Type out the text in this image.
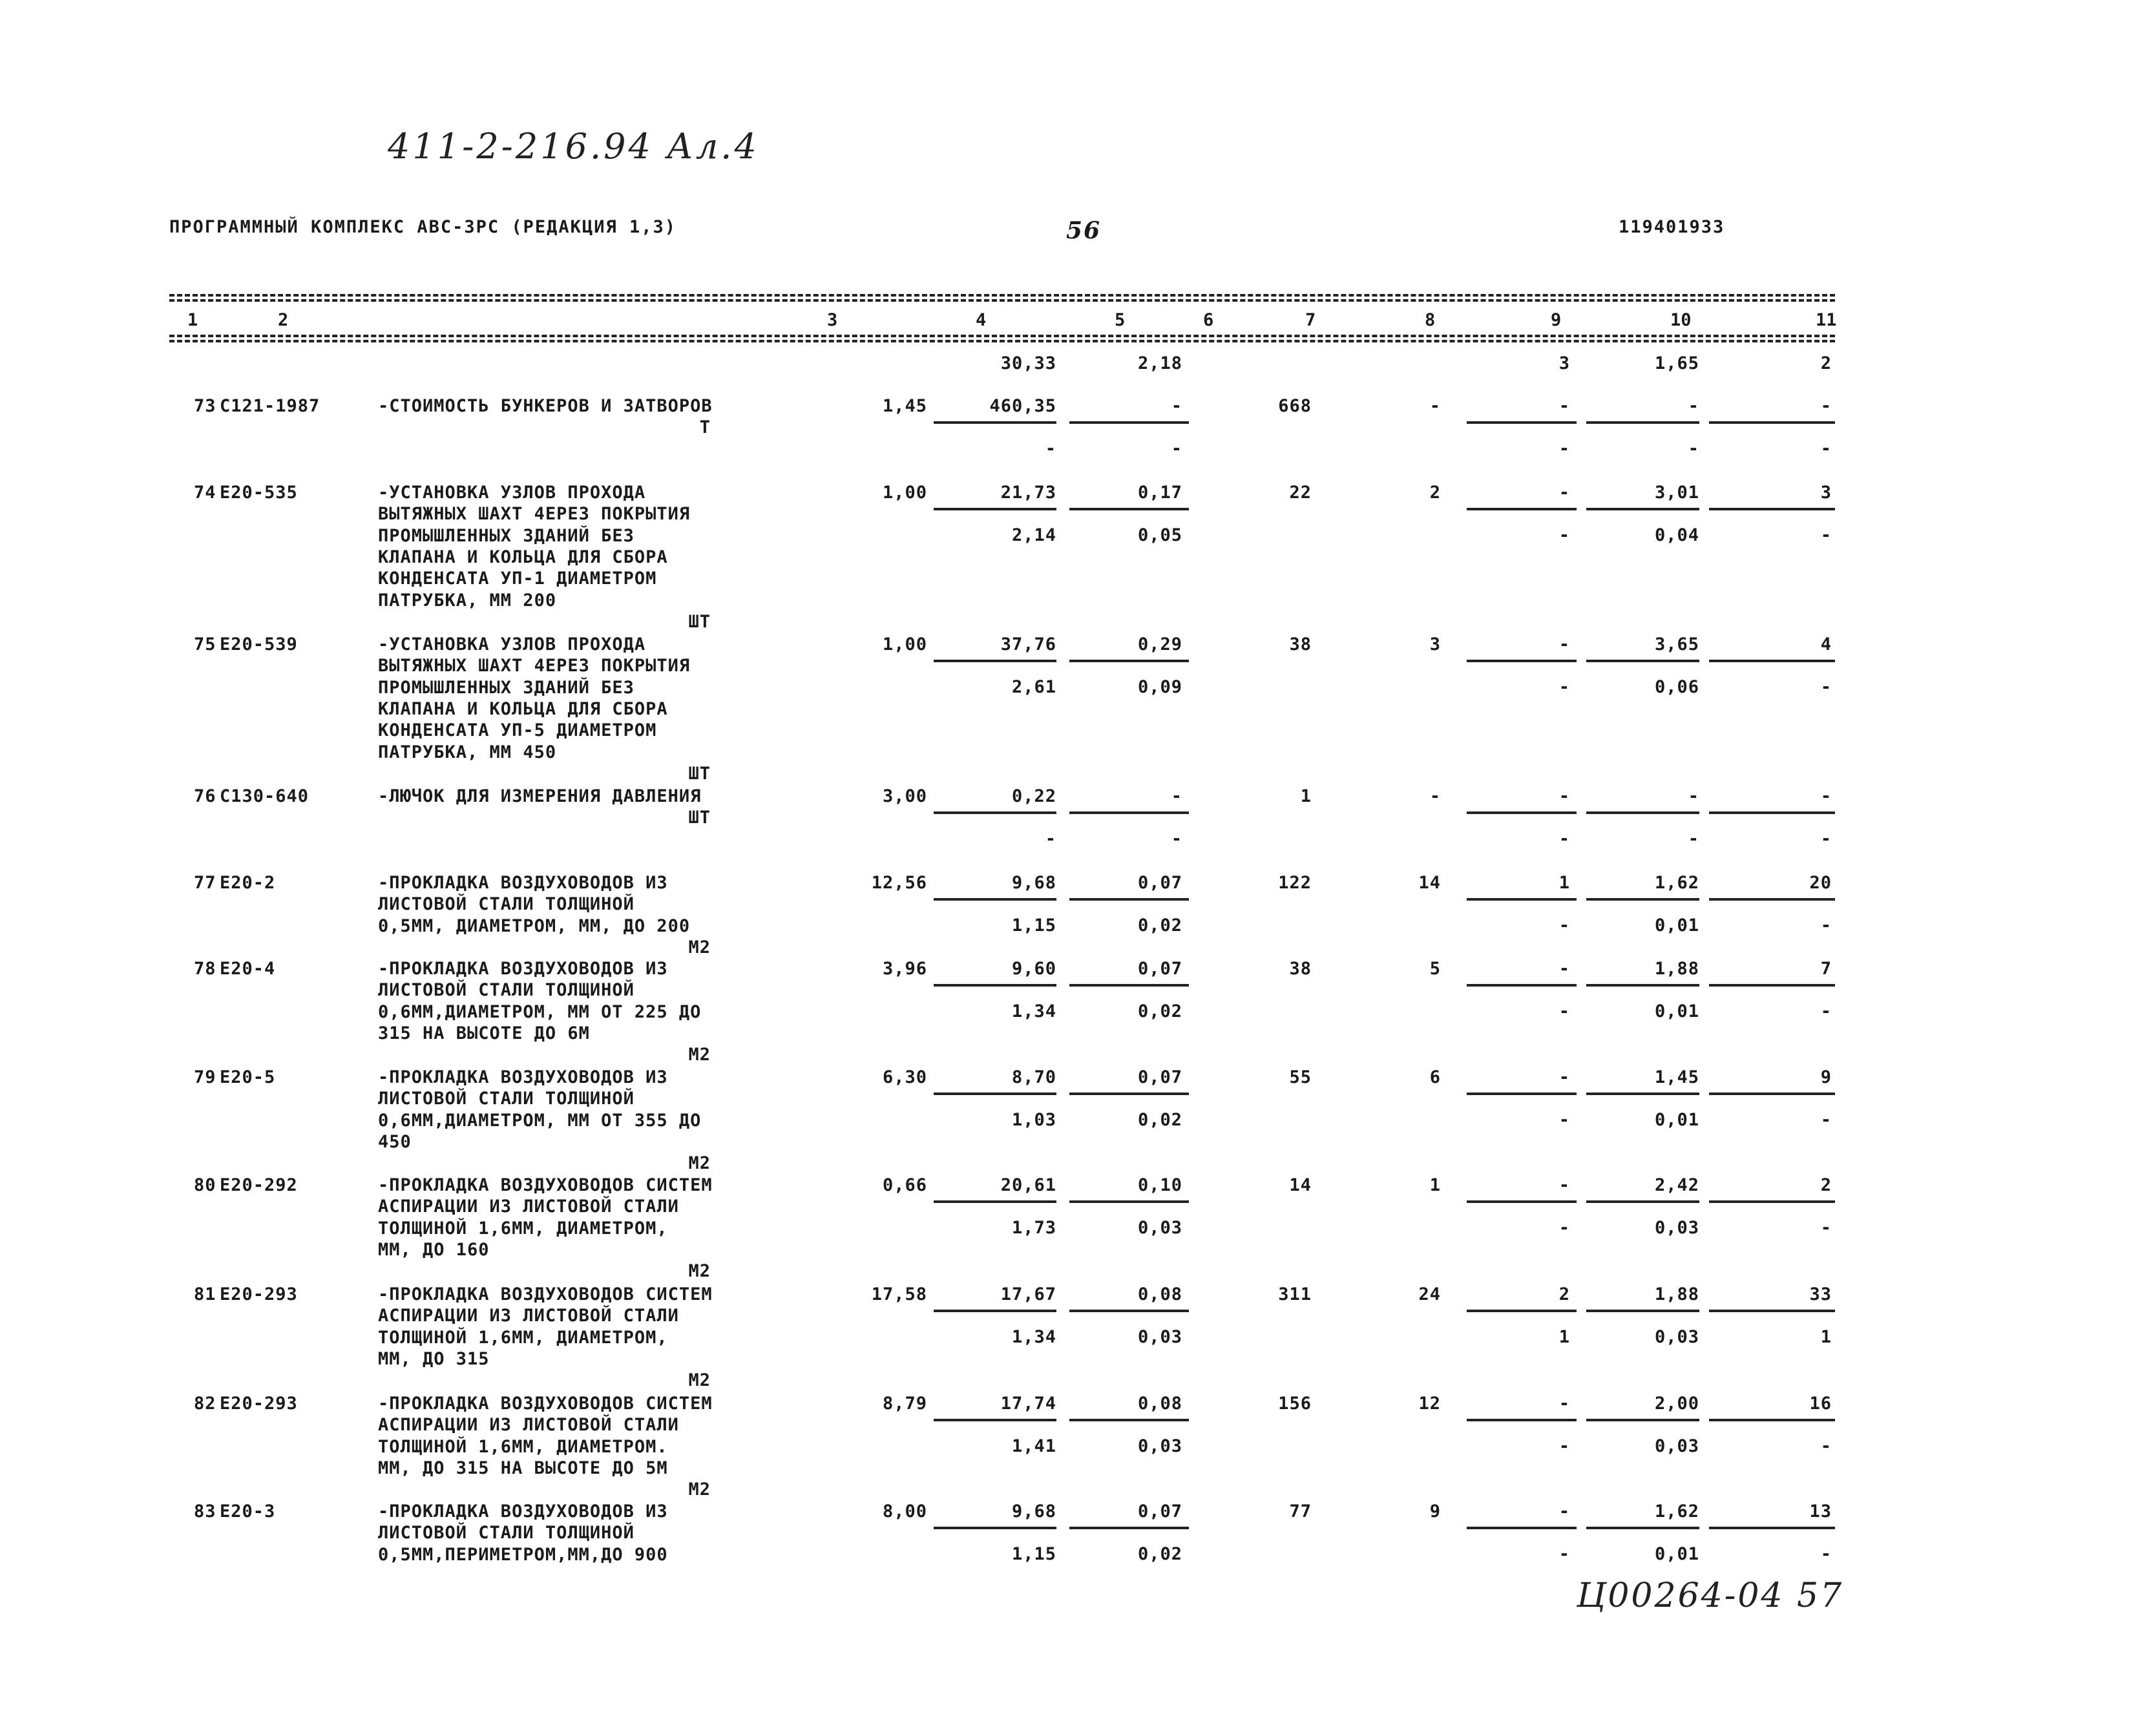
411-2-216.94 Ал.4
ПРОГРАММНЫЙ КОМПЛЕКС АВС-3РС (РЕДАКЦИЯ 1,3)	56	119401933
1	2	3	4	5	6	7	8	9	10	11
30,33	2,18	3	1,65	2
73 C121-1987	-СТОИМОСТЬ БУНКЕРОВ И ЗАТВОРОВ
Т
1,45	460,35	-	668	-	-	-	-
-	-	-	-	-
74 E20-535	-УСТАНОВКА УЗЛОВ ПРОХОДА
ВЫТЯЖНЫХ ШАХТ 4ЕРЕЗ ПОКРЫТИЯ
ПРОМЫШЛЕННЫХ ЗДАНИЙ БЕЗ
КЛАПАНА И КОЛЬЦА ДЛЯ СБОРА
КОНДЕНСАТА УП-1 ДИАМЕТРОМ
ПАТРУБКА, ММ 200
ШТ
1,00	21,73	0,17	22	2	-	3,01	3
2,14	0,05	-	0,04	-
75 E20-539	-УСТАНОВКА УЗЛОВ ПРОХОДА
ВЫТЯЖНЫХ ШАХТ 4ЕРЕЗ ПОКРЫТИЯ
ПРОМЫШЛЕННЫХ ЗДАНИЙ БЕЗ
КЛАПАНА И КОЛЬЦА ДЛЯ СБОРА
КОНДЕНСАТА УП-5 ДИАМЕТРОМ
ПАТРУБКА, ММ 450
ШТ
1,00	37,76	0,29	38	3	-	3,65	4
2,61	0,09	-	0,06	-
76 C130-640	-ЛЮЧОК ДЛЯ ИЗМЕРЕНИЯ ДАВЛЕНИЯ
ШТ
3,00	0,22	-	1	-	-	-	-
-	-	-	-	-
77 E20-2	-ПРОКЛАДКА ВОЗДУХОВОДОВ ИЗ
ЛИСТОВОЙ СТАЛИ ТОЛЩИНОЙ
0,5ММ, ДИАМЕТРОМ, ММ, ДО 200
М2
12,56	9,68	0,07	122	14	1	1,62	20
1,15	0,02	-	0,01	-
78 E20-4	-ПРОКЛАДКА ВОЗДУХОВОДОВ ИЗ
ЛИСТОВОЙ СТАЛИ ТОЛЩИНОЙ
0,6ММ,ДИАМЕТРОМ, ММ ОТ 225 ДО
315 НА ВЫСОТЕ ДО 6М
М2
3,96	9,60	0,07	38	5	-	1,88	7
1,34	0,02	-	0,01	-
79 E20-5	-ПРОКЛАДКА ВОЗДУХОВОДОВ ИЗ
ЛИСТОВОЙ СТАЛИ ТОЛЩИНОЙ
0,6ММ,ДИАМЕТРОМ, ММ ОТ 355 ДО
450
М2
6,30	8,70	0,07	55	6	-	1,45	9
1,03	0,02	-	0,01	-
80 E20-292	-ПРОКЛАДКА ВОЗДУХОВОДОВ СИСТЕМ
АСПИРАЦИИ ИЗ ЛИСТОВОЙ СТАЛИ
ТОЛЩИНОЙ 1,6ММ, ДИАМЕТРОМ,
ММ, ДО 160
М2
0,66	20,61	0,10	14	1	-	2,42	2
1,73	0,03	-	0,03	-
81 E20-293	-ПРОКЛАДКА ВОЗДУХОВОДОВ СИСТЕМ
АСПИРАЦИИ ИЗ ЛИСТОВОЙ СТАЛИ
ТОЛЩИНОЙ 1,6ММ, ДИАМЕТРОМ,
ММ, ДО 315
М2
17,58	17,67	0,08	311	24	2	1,88	33
1,34	0,03	1	0,03	1
82 E20-293	-ПРОКЛАДКА ВОЗДУХОВОДОВ СИСТЕМ
АСПИРАЦИИ ИЗ ЛИСТОВОЙ СТАЛИ
ТОЛЩИНОЙ 1,6ММ, ДИАМЕТРОМ.
ММ, ДО 315 НА ВЫСОТЕ ДО 5М
М2
8,79	17,74	0,08	156	12	-	2,00	16
1,41	0,03	-	0,03	-
83 E20-3	-ПРОКЛАДКА ВОЗДУХОВОДОВ ИЗ
ЛИСТОВОЙ СТАЛИ ТОЛЩИНОЙ
0,5ММ,ПЕРИМЕТРОМ,ММ,ДО 900
8,00	9,68	0,07	77	9	-	1,62	13
1,15	0,02	-	0,01	-
Ц00264-04 57
